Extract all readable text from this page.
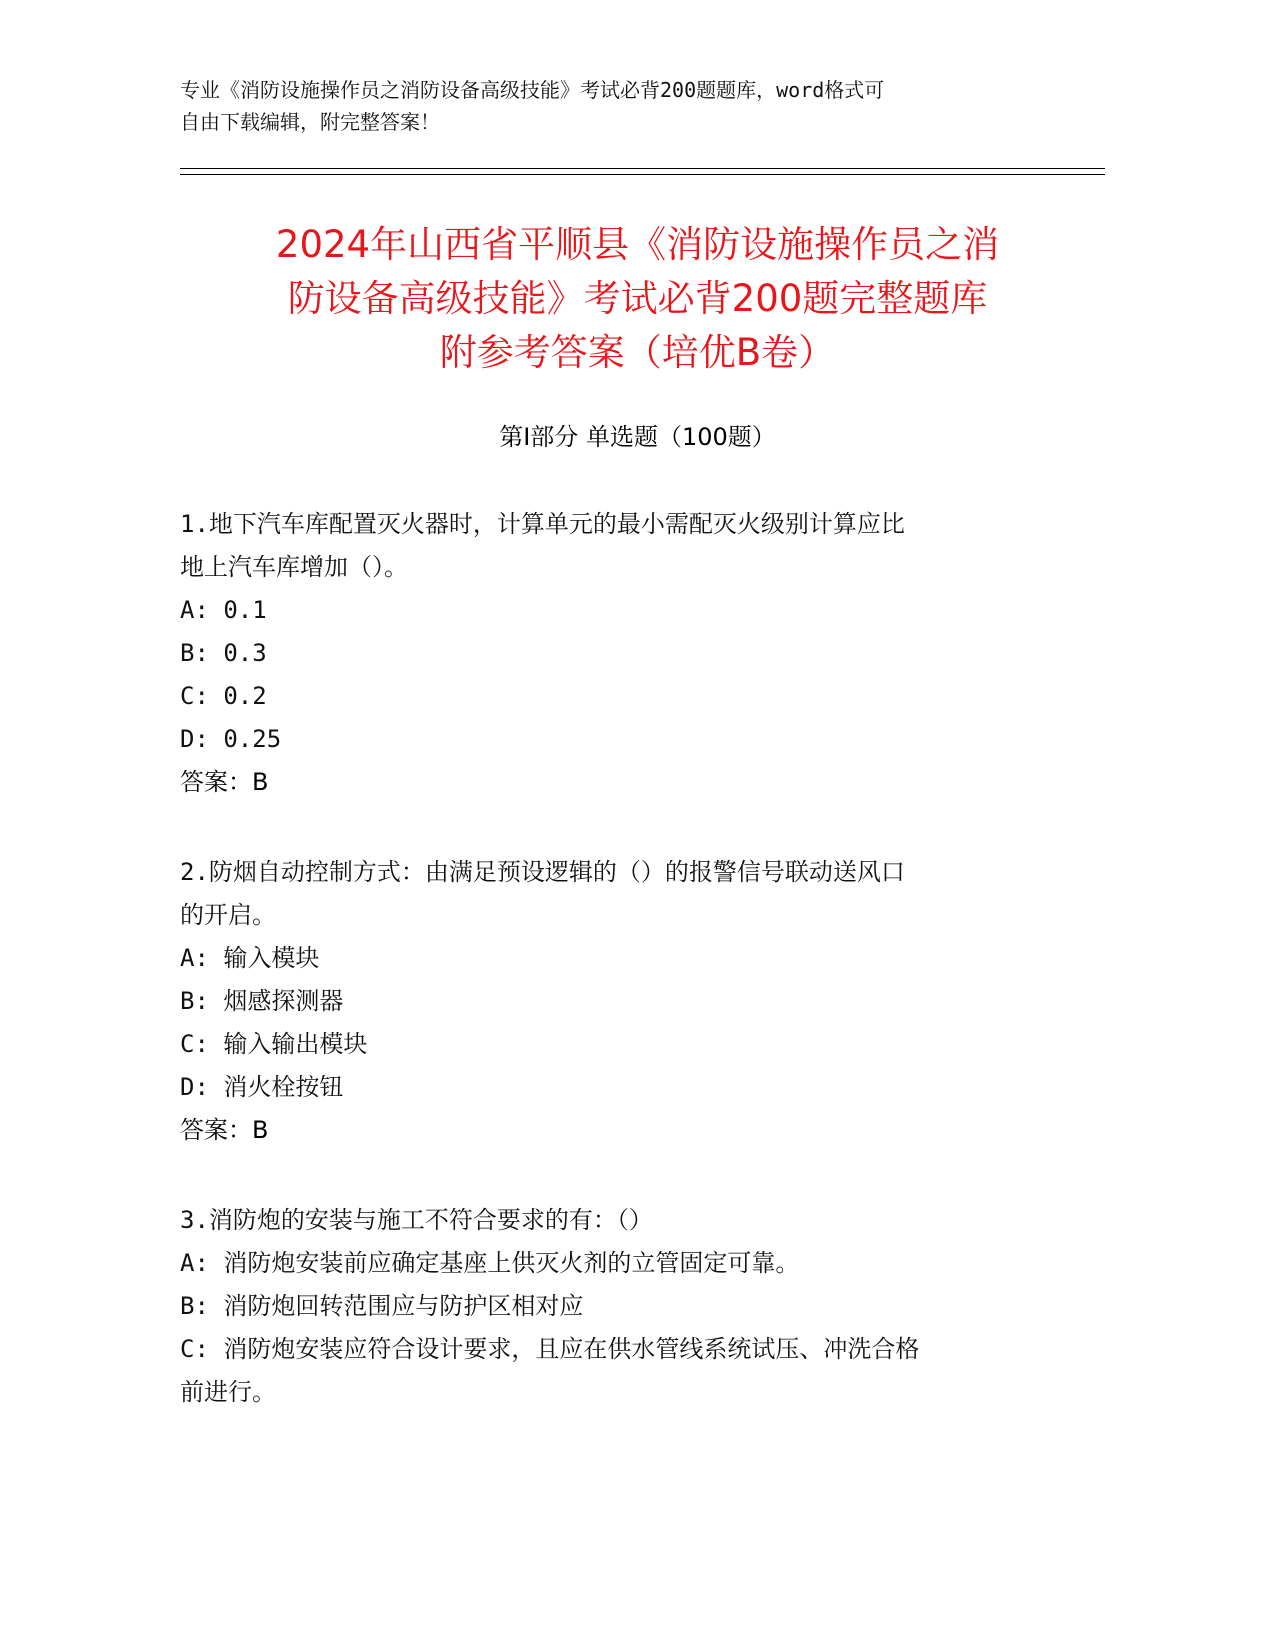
专业《消防设施操作员之消防设备高级技能》考试必背200题题库，word格式可
自由下载编辑，附完整答案！
2024年山西省平顺县《消防设施操作员之消
防设备高级技能》考试必背200题完整题库
附参考答案（培优B卷）
第I部分 单选题（100题）

1.地下汽车库配置灭火器时，计算单元的最小需配灭火级别计算应比

地上汽车库增加（）。

A: 0.1

B: 0.3

C: 0.2

D: 0.25

答案：B

2.防烟自动控制方式：由满足预设逻辑的（）的报警信号联动送风口

的开启。

A: 输入模块

B: 烟感探测器

C: 输入输出模块

D: 消火栓按钮

答案：B

3.消防炮的安装与施工不符合要求的有：（）

A: 消防炮安装前应确定基座上供灭火剂的立管固定可靠。

B: 消防炮回转范围应与防护区相对应

C: 消防炮安装应符合设计要求，且应在供水管线系统试压、冲洗合格

前进行。
